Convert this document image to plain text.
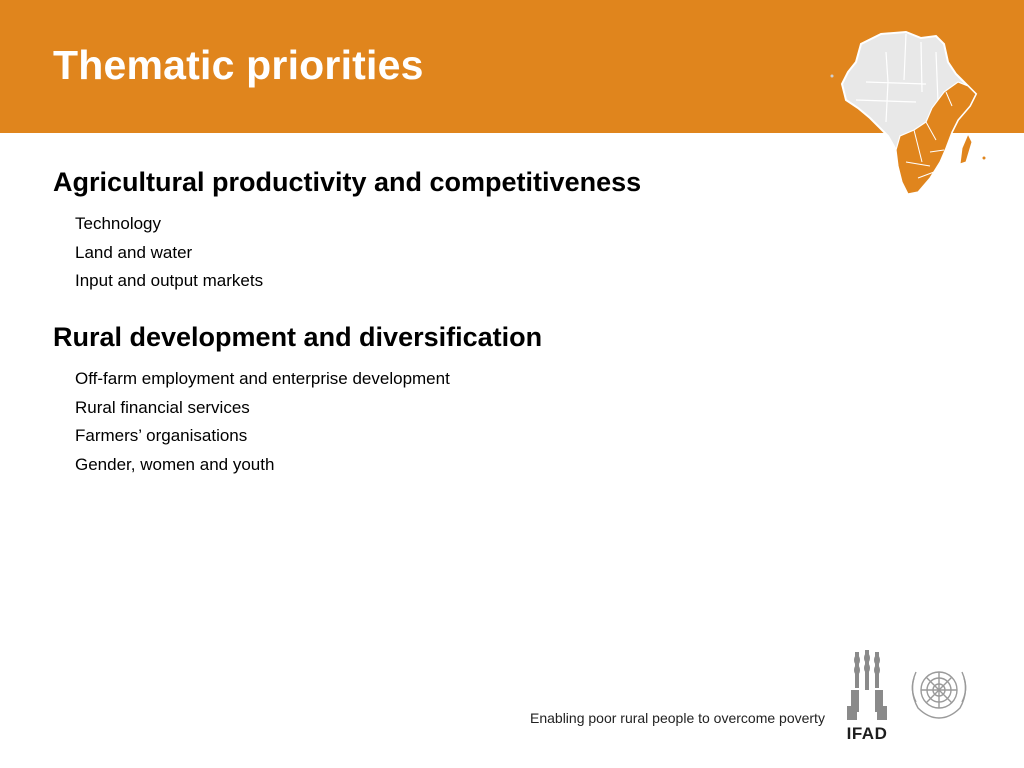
Thematic priorities
Agricultural productivity and competitiveness
Technology
Land and water
Input and output markets
Rural development and diversification
Off-farm employment and enterprise development
Rural financial services
Farmers’ organisations
Gender, women and youth
Enabling poor rural people to overcome poverty
IFAD
